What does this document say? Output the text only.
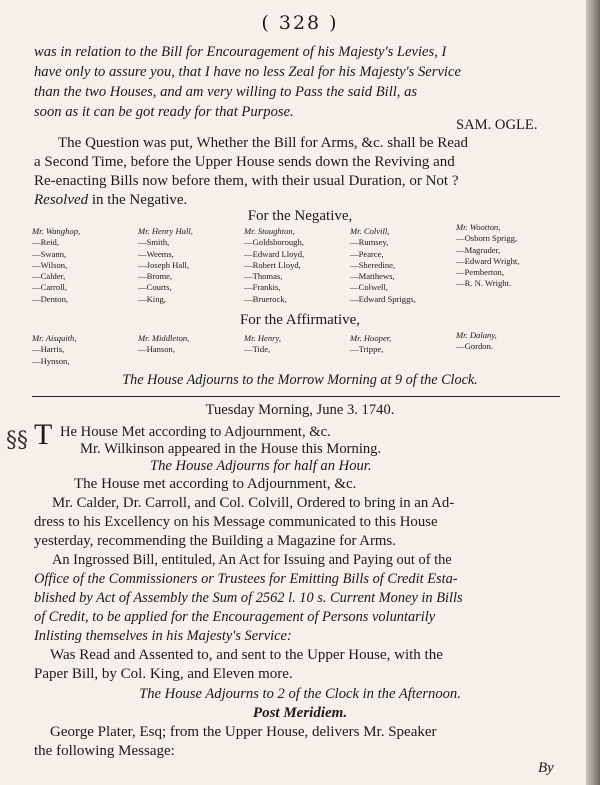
( 328 )
was in relation to the Bill for Encouragement of his Majesty's Levies, I
have only to assure you, that I have no less Zeal for his Majesty's Service
than the two Houses, and am very willing to Pass the said Bill, as
soon as it can be got ready for that Purpose.
SAM. OGLE.
The Question was put, Whether the Bill for Arms, &c. shall be Read
a Second Time, before the Upper House sends down the Reviving and
Re-enacting Bills now before them, with their usual Duration, or Not ?
Resolved in the Negative.
For the Negative,
Mr. Wanghop,
—Reid,
—Swann,
—Wilson,
—Calder,
—Carroll,
—Denton,
Mr. Henry Hall,
—Smith,
—Weems,
—Joseph Hall,
—Brome,
—Courts,
—King,
Mr. Stoughton,
—Goldsborough,
—Edward Lloyd,
—Robert Lloyd,
—Thomas,
—Frankis,
—Bruerock,
Mr. Colvill,
—Rumsey,
—Pearce,
—Sheredine,
—Matthews,
—Colwell,
—Edward Spriggs,
Mr. Wootton,
—Osborn Sprigg,
—Magruder,
—Edward Wright,
—Pemberton,
—R. N. Wright.
For the Affirmative,
Mr. Aisquith,
—Harris,
—Hynson,
Mr. Middleton,
—Hanson,
Mr. Henry,
—Tide,
Mr. Hooper,
—Trippe,
Mr. Dalany,
—Gordon.
The House Adjourns to the Morrow Morning at 9 of the Clock.
Tuesday Morning, June 3. 1740.
§§ T He House Met according to Adjournment, &c.
Mr. Wilkinson appeared in the House this Morning.
The House Adjourns for half an Hour.
The House met according to Adjournment, &c.
Mr. Calder, Dr. Carroll, and Col. Colvill, Ordered to bring in an Ad-
dress to his Excellency on his Message communicated to this House
yesterday, recommending the Building a Magazine for Arms.
An Ingrossed Bill, entituled, An Act for Issuing and Paying out of the
Office of the Commissioners or Trustees for Emitting Bills of Credit Esta-
blished by Act of Assembly the Sum of 2562 l. 10 s. Current Money in Bills
of Credit, to be applied for the Encouragement of Persons voluntarily
Inlisting themselves in his Majesty's Service:
Was Read and Assented to, and sent to the Upper House, with the
Paper Bill, by Col. King, and Eleven more.
The House Adjourns to 2 of the Clock in the Afternoon.
Post Meridiem.
George Plater, Esq; from the Upper House, delivers Mr. Speaker
the following Message:
By
